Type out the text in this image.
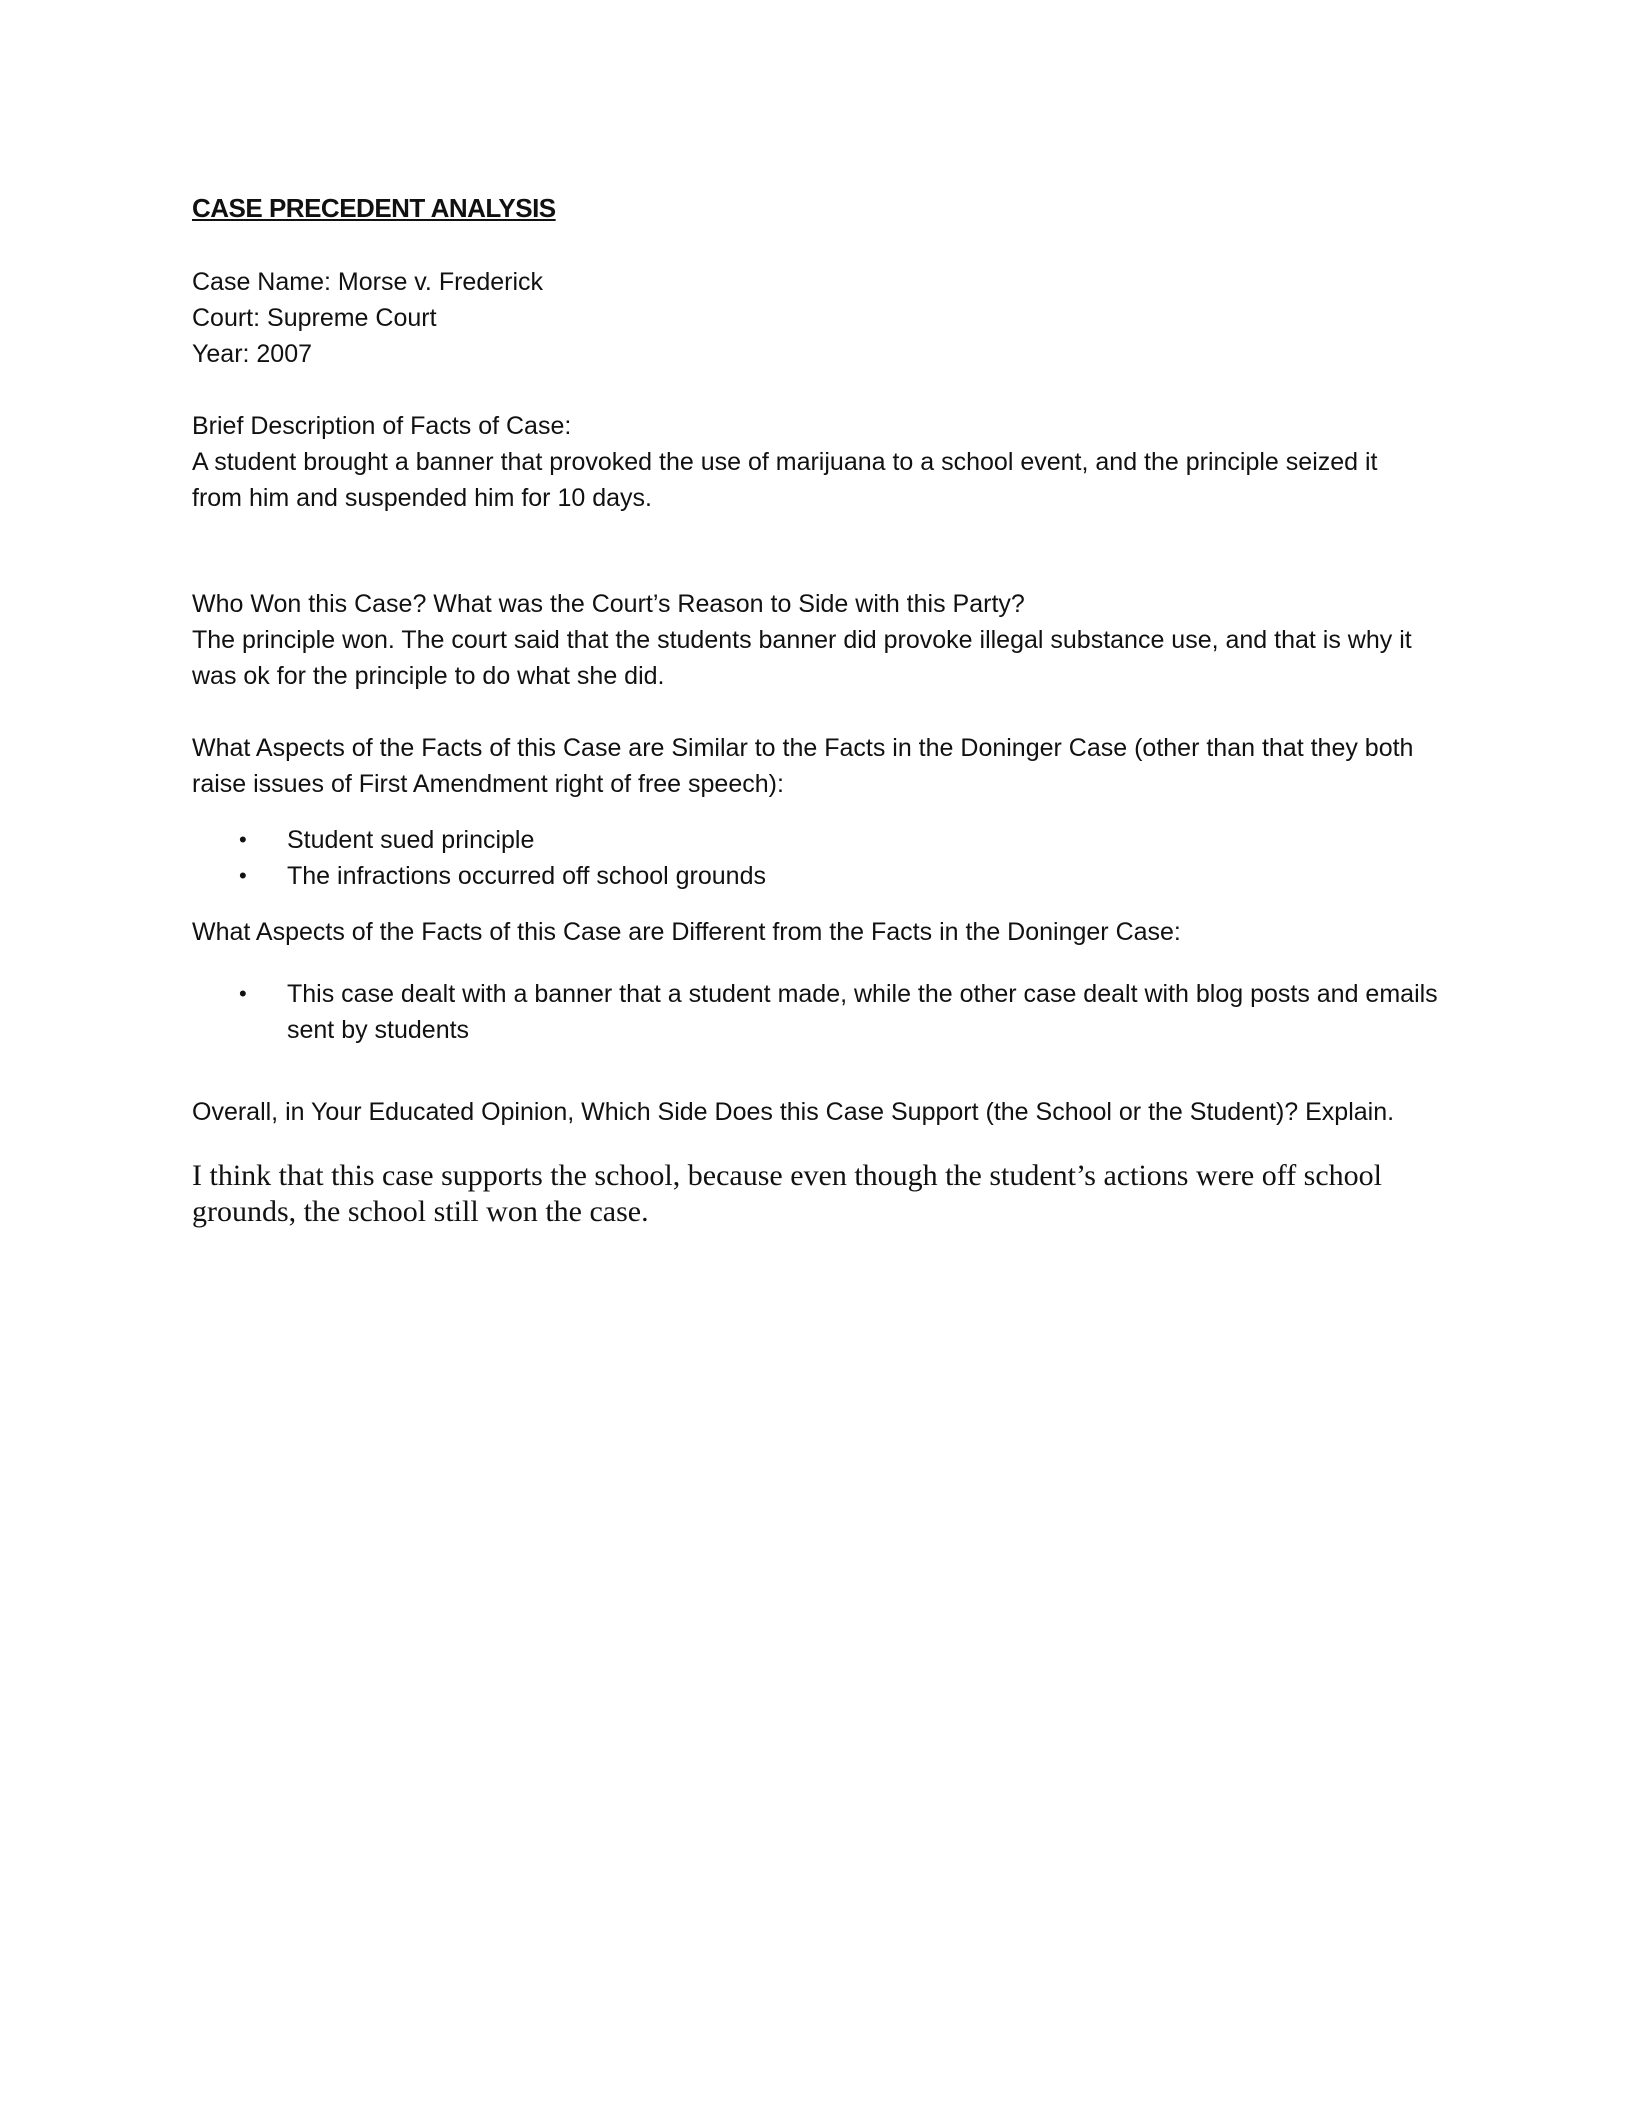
CASE PRECEDENT ANALYSIS

Case Name: Morse v. Frederick

Court: Supreme Court

Year: 2007

Brief Description of Facts of Case:

A student brought a banner that provoked the use of marijuana to a school event, and the principle seized it from him and suspended him for 10 days.

Who Won this Case? What was the Court’s Reason to Side with this Party?

The principle won. The court said that the students banner did provoke illegal substance use, and that is why it was ok for the principle to do what she did.

What Aspects of the Facts of this Case are Similar to the Facts in the Doninger Case (other than that they both raise issues of First Amendment right of free speech):

• Student sued principle
• The infractions occurred off school grounds

What Aspects of the Facts of this Case are Different from the Facts in the Doninger Case:

• This case dealt with a banner that a student made, while the other case dealt with blog posts and emails sent by students

Overall, in Your Educated Opinion, Which Side Does this Case Support (the School or the Student)? Explain.

I think that this case supports the school, because even though the student’s actions were off school grounds, the school still won the case.
